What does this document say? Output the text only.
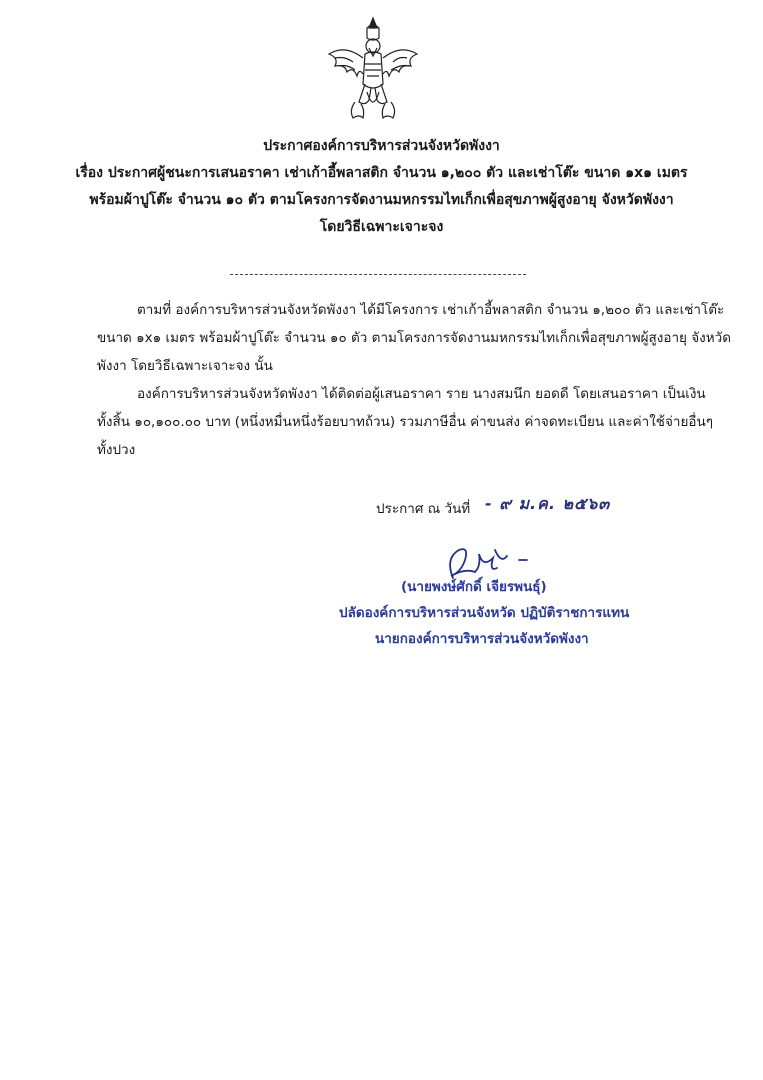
ประกาศองค์การบริหารส่วนจังหวัดพังงา
เรื่อง ประกาศผู้ชนะการเสนอราคา เช่าเก้าอี้พลาสติก จำนวน ๑,๒๐๐ ตัว และเช่าโต๊ะ ขนาด ๑x๑ เมตร
พร้อมผ้าปูโต๊ะ จำนวน ๑๐ ตัว ตามโครงการจัดงานมหกรรมไทเก็กเพื่อสุขภาพผู้สูงอายุ จังหวัดพังงา
โดยวิธีเฉพาะเจาะจง
ตามที่ องค์การบริหารส่วนจังหวัดพังงา ได้มีโครงการ เช่าเก้าอี้พลาสติก จำนวน ๑,๒๐๐ ตัว และเช่าโต๊ะ
ขนาด ๑x๑ เมตร พร้อมผ้าปูโต๊ะ จำนวน ๑๐ ตัว ตามโครงการจัดงานมหกรรมไทเก็กเพื่อสุขภาพผู้สูงอายุ จังหวัด
พังงา โดยวิธีเฉพาะเจาะจง นั้น
องค์การบริหารส่วนจังหวัดพังงา ได้ติดต่อผู้เสนอราคา ราย นางสมนึก ยอดดี โดยเสนอราคา เป็นเงิน
ทั้งสิ้น ๑๐,๑๐๐.๐๐ บาท (หนึ่งหมื่นหนึ่งร้อยบาทถ้วน) รวมภาษีอื่น ค่าขนส่ง ค่าจดทะเบียน และค่าใช้จ่ายอื่นๆ
ทั้งปวง
ประกาศ ณ วันที่ - ๙ ม.ค. ๒๕๖๓
(นายพงษ์ศักดิ์ เจียรพนธุ์)
ปลัดองค์การบริหารส่วนจังหวัด ปฏิบัติราชการแทน
นายกองค์การบริหารส่วนจังหวัดพังงา
